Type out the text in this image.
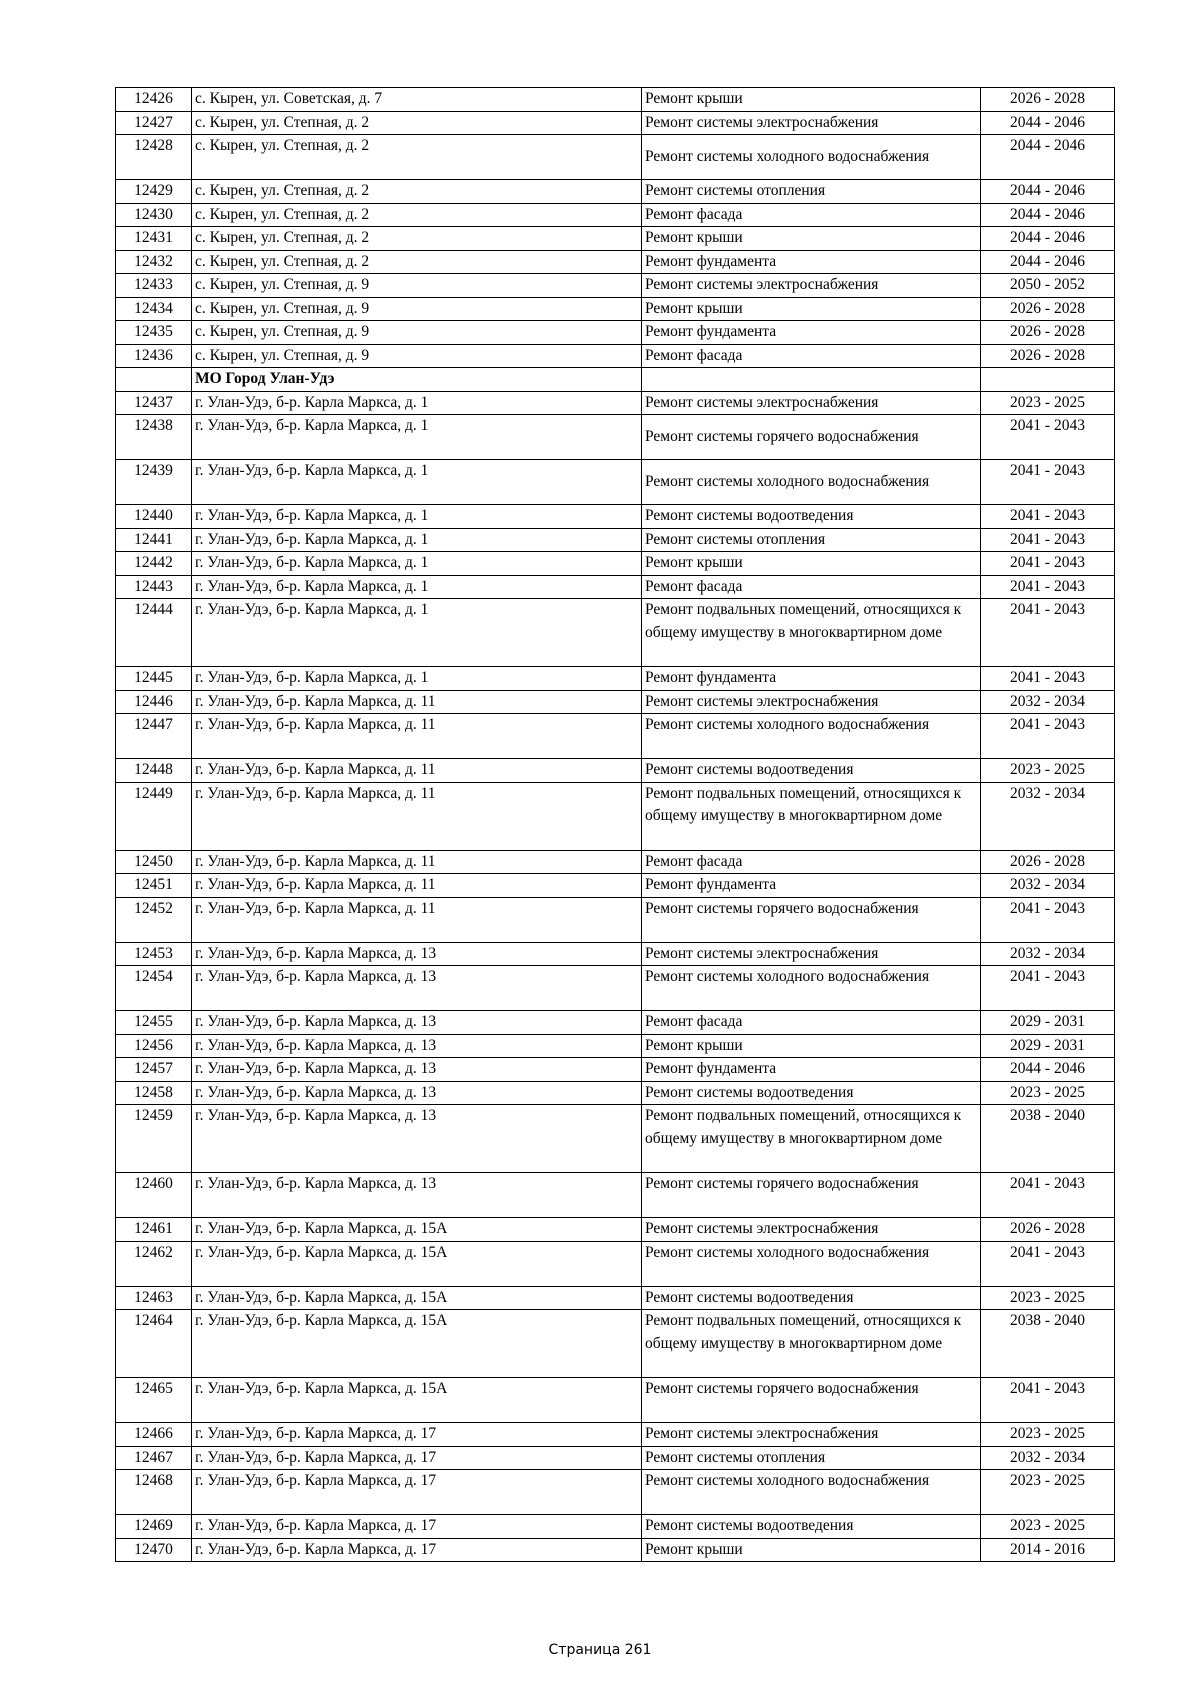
12426	с. Кырен, ул. Советская, д. 7	Ремонт крыши	2026 - 2028
12427	с. Кырен, ул. Степная, д. 2	Ремонт системы электроснабжения	2044 - 2046
12428	с. Кырен, ул. Степная, д. 2	Ремонт системы холодного водоснабжения	2044 - 2046
12429	с. Кырен, ул. Степная, д. 2	Ремонт системы отопления	2044 - 2046
12430	с. Кырен, ул. Степная, д. 2	Ремонт фасада	2044 - 2046
12431	с. Кырен, ул. Степная, д. 2	Ремонт крыши	2044 - 2046
12432	с. Кырен, ул. Степная, д. 2	Ремонт фундамента	2044 - 2046
12433	с. Кырен, ул. Степная, д. 9	Ремонт системы электроснабжения	2050 - 2052
12434	с. Кырен, ул. Степная, д. 9	Ремонт крыши	2026 - 2028
12435	с. Кырен, ул. Степная, д. 9	Ремонт фундамента	2026 - 2028
12436	с. Кырен, ул. Степная, д. 9	Ремонт фасада	2026 - 2028
	МО Город Улан-Удэ		
12437	г. Улан-Удэ, б-р. Карла Маркса, д. 1	Ремонт системы электроснабжения	2023 - 2025
12438	г. Улан-Удэ, б-р. Карла Маркса, д. 1	Ремонт системы горячего водоснабжения	2041 - 2043
12439	г. Улан-Удэ, б-р. Карла Маркса, д. 1	Ремонт системы холодного водоснабжения	2041 - 2043
12440	г. Улан-Удэ, б-р. Карла Маркса, д. 1	Ремонт системы водоотведения	2041 - 2043
12441	г. Улан-Удэ, б-р. Карла Маркса, д. 1	Ремонт системы отопления	2041 - 2043
12442	г. Улан-Удэ, б-р. Карла Маркса, д. 1	Ремонт крыши	2041 - 2043
12443	г. Улан-Удэ, б-р. Карла Маркса, д. 1	Ремонт фасада	2041 - 2043
12444	г. Улан-Удэ, б-р. Карла Маркса, д. 1	Ремонт подвальных помещений, относящихся к общему имуществу в многоквартирном доме	2041 - 2043
12445	г. Улан-Удэ, б-р. Карла Маркса, д. 1	Ремонт фундамента	2041 - 2043
12446	г. Улан-Удэ, б-р. Карла Маркса, д. 11	Ремонт системы электроснабжения	2032 - 2034
12447	г. Улан-Удэ, б-р. Карла Маркса, д. 11	Ремонт системы холодного водоснабжения	2041 - 2043
12448	г. Улан-Удэ, б-р. Карла Маркса, д. 11	Ремонт системы водоотведения	2023 - 2025
12449	г. Улан-Удэ, б-р. Карла Маркса, д. 11	Ремонт подвальных помещений, относящихся к общему имуществу в многоквартирном доме	2032 - 2034
12450	г. Улан-Удэ, б-р. Карла Маркса, д. 11	Ремонт фасада	2026 - 2028
12451	г. Улан-Удэ, б-р. Карла Маркса, д. 11	Ремонт фундамента	2032 - 2034
12452	г. Улан-Удэ, б-р. Карла Маркса, д. 11	Ремонт системы горячего водоснабжения	2041 - 2043
12453	г. Улан-Удэ, б-р. Карла Маркса, д. 13	Ремонт системы электроснабжения	2032 - 2034
12454	г. Улан-Удэ, б-р. Карла Маркса, д. 13	Ремонт системы холодного водоснабжения	2041 - 2043
12455	г. Улан-Удэ, б-р. Карла Маркса, д. 13	Ремонт фасада	2029 - 2031
12456	г. Улан-Удэ, б-р. Карла Маркса, д. 13	Ремонт крыши	2029 - 2031
12457	г. Улан-Удэ, б-р. Карла Маркса, д. 13	Ремонт фундамента	2044 - 2046
12458	г. Улан-Удэ, б-р. Карла Маркса, д. 13	Ремонт системы водоотведения	2023 - 2025
12459	г. Улан-Удэ, б-р. Карла Маркса, д. 13	Ремонт подвальных помещений, относящихся к общему имуществу в многоквартирном доме	2038 - 2040
12460	г. Улан-Удэ, б-р. Карла Маркса, д. 13	Ремонт системы горячего водоснабжения	2041 - 2043
12461	г. Улан-Удэ, б-р. Карла Маркса, д. 15А	Ремонт системы электроснабжения	2026 - 2028
12462	г. Улан-Удэ, б-р. Карла Маркса, д. 15А	Ремонт системы холодного водоснабжения	2041 - 2043
12463	г. Улан-Удэ, б-р. Карла Маркса, д. 15А	Ремонт системы водоотведения	2023 - 2025
12464	г. Улан-Удэ, б-р. Карла Маркса, д. 15А	Ремонт подвальных помещений, относящихся к общему имуществу в многоквартирном доме	2038 - 2040
12465	г. Улан-Удэ, б-р. Карла Маркса, д. 15А	Ремонт системы горячего водоснабжения	2041 - 2043
12466	г. Улан-Удэ, б-р. Карла Маркса, д. 17	Ремонт системы электроснабжения	2023 - 2025
12467	г. Улан-Удэ, б-р. Карла Маркса, д. 17	Ремонт системы отопления	2032 - 2034
12468	г. Улан-Удэ, б-р. Карла Маркса, д. 17	Ремонт системы холодного водоснабжения	2023 - 2025
12469	г. Улан-Удэ, б-р. Карла Маркса, д. 17	Ремонт системы водоотведения	2023 - 2025
12470	г. Улан-Удэ, б-р. Карла Маркса, д. 17	Ремонт крыши	2014 - 2016
Страница 261
